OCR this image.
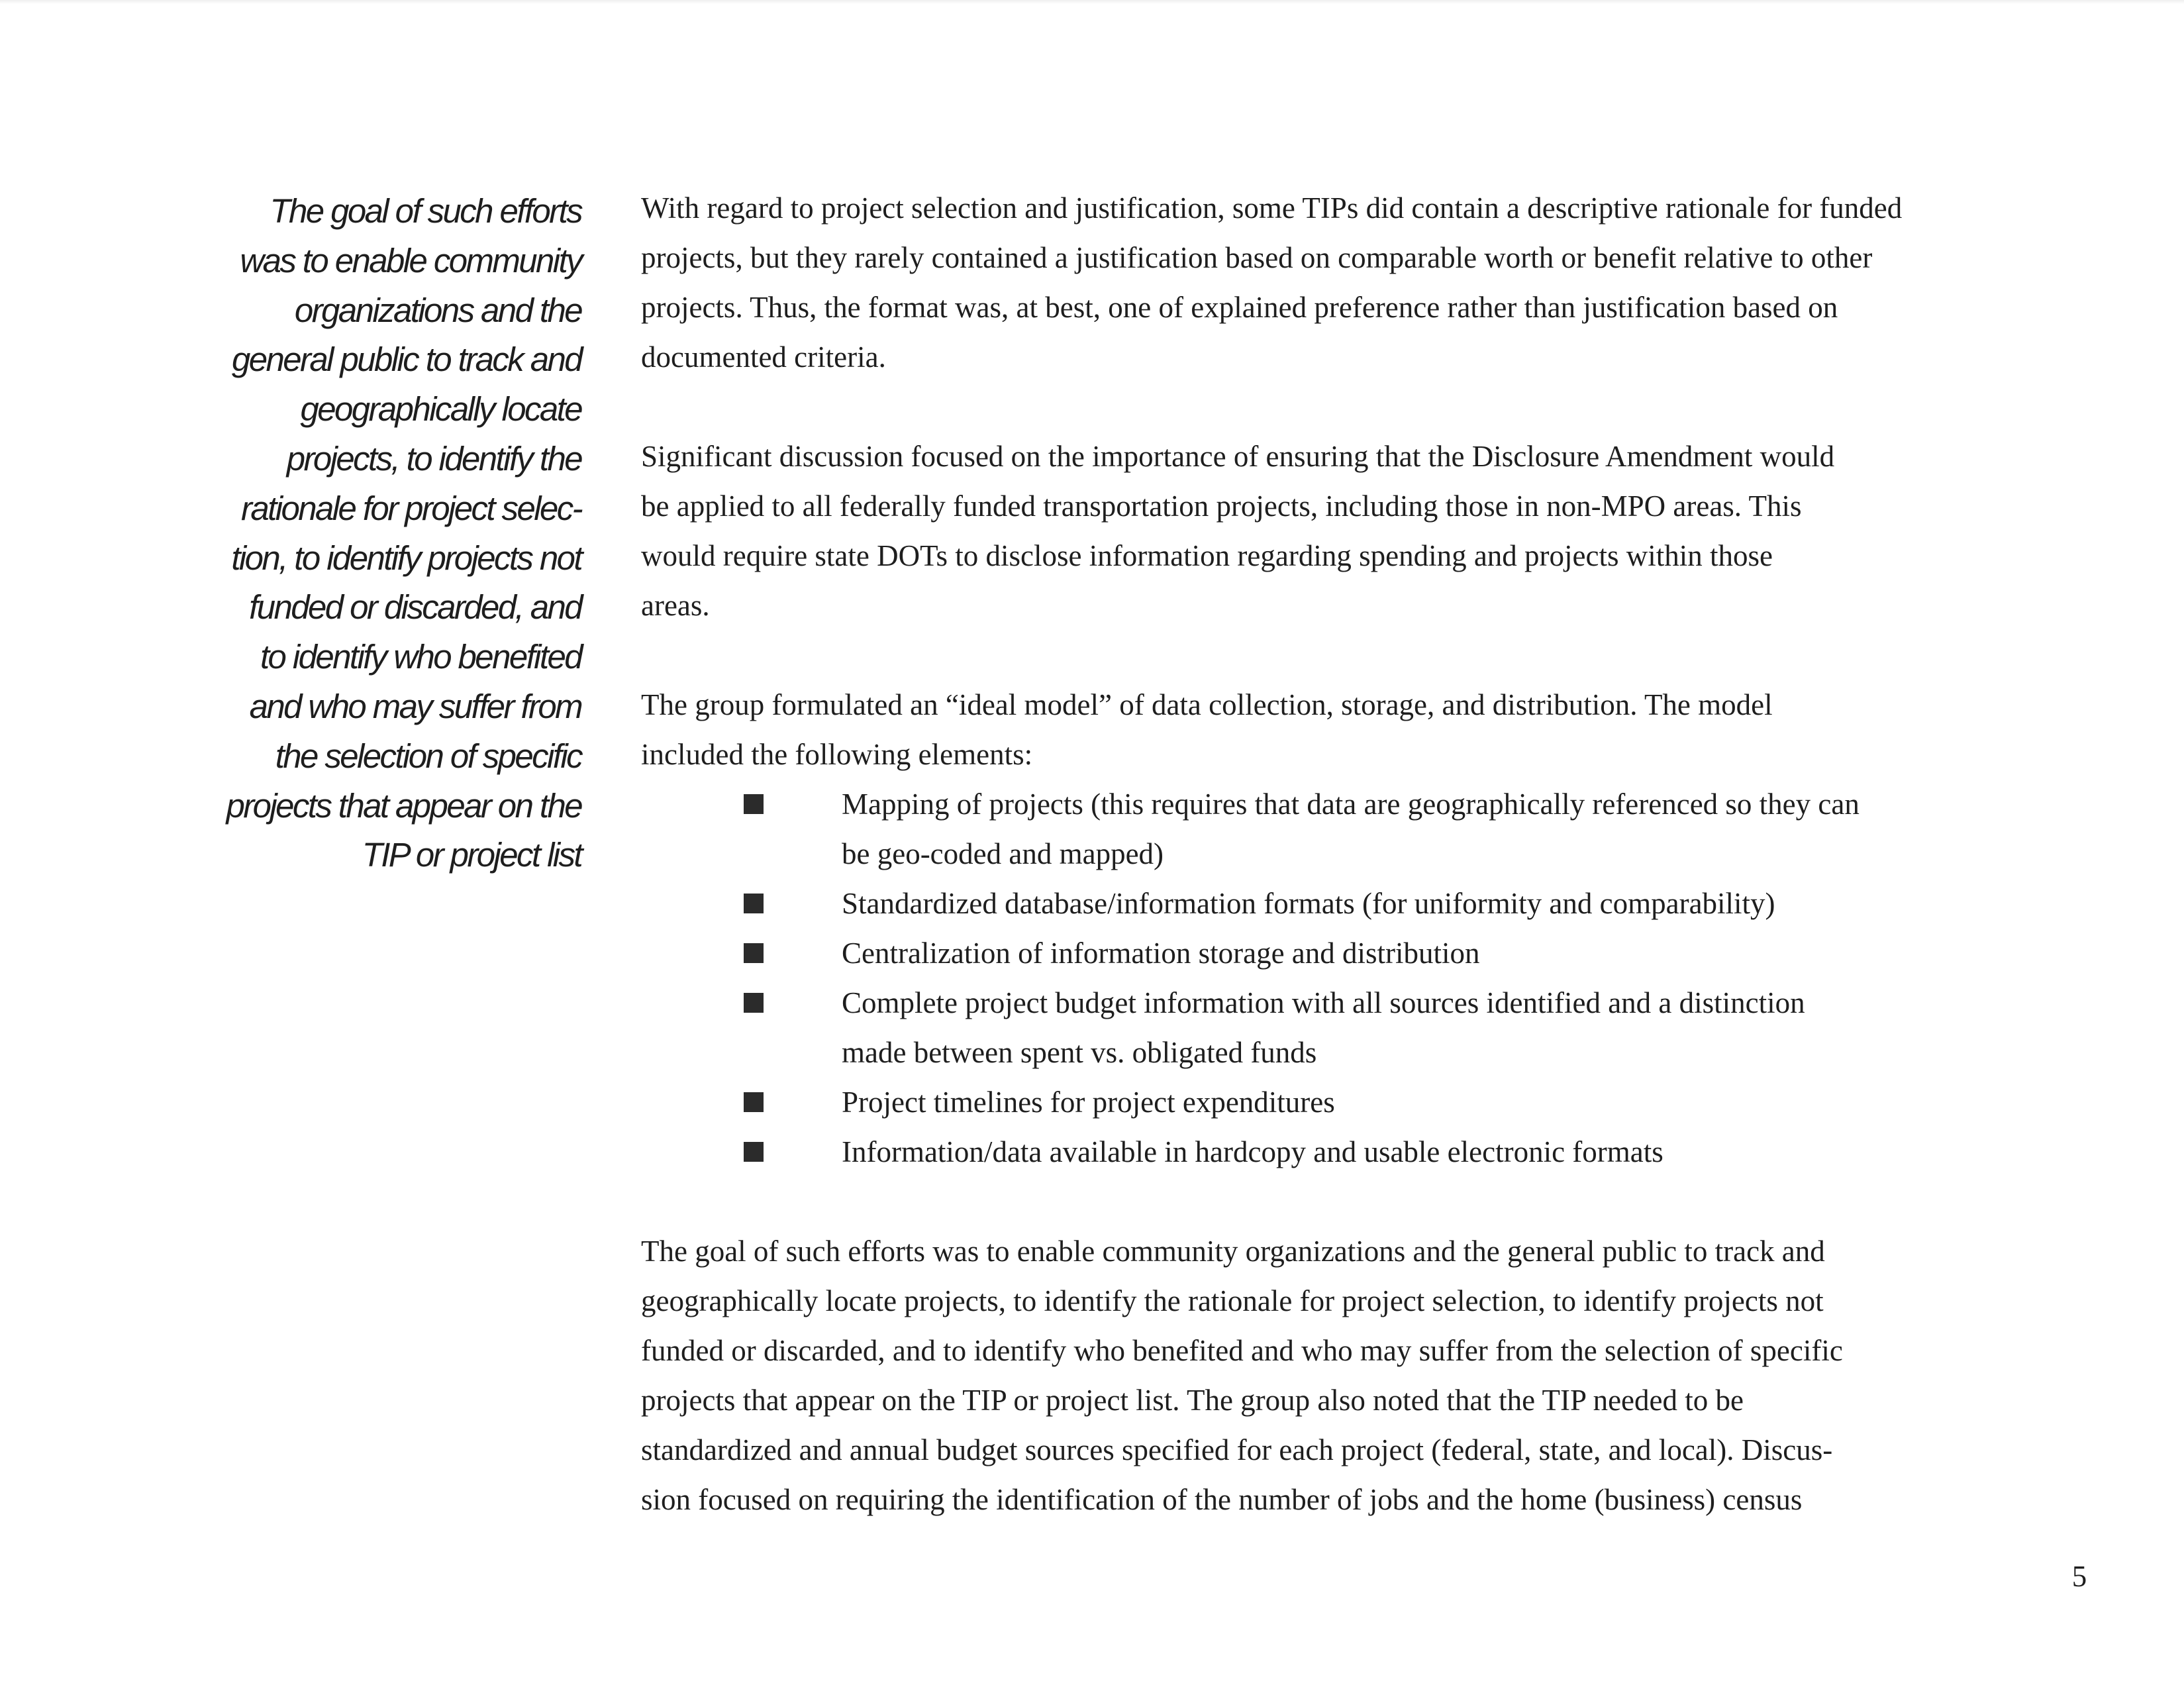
The goal of such efforts
was to enable community
organizations and the
general public to track and
geographically locate
projects, to identify the
rationale for project selec-
tion, to identify projects not
funded or discarded, and
to identify who benefited
and who may suffer from
the selection of specific
projects that appear on the
TIP or project list
With regard to project selection and justification, some TIPs did contain a descriptive rationale for funded
projects, but they rarely contained a justification based on comparable worth or benefit relative to other
projects. Thus, the format was, at best, one of explained preference rather than justification based on
documented criteria.
Significant discussion focused on the importance of ensuring that the Disclosure Amendment would
be applied to all federally funded transportation projects, including those in non-MPO areas. This
would require state DOTs to disclose information regarding spending and projects within those
areas.
The group formulated an “ideal model” of data collection, storage, and distribution. The model
included the following elements:
Mapping of projects (this requires that data are geographically referenced so they can
be geo-coded and mapped)
Standardized database/information formats (for uniformity and comparability)
Centralization of information storage and distribution
Complete project budget information with all sources identified and a distinction
made between spent vs. obligated funds
Project timelines for project expenditures
Information/data available in hardcopy and usable electronic formats
The goal of such efforts was to enable community organizations and the general public to track and
geographically locate projects, to identify the rationale for project selection, to identify projects not
funded or discarded, and to identify who benefited and who may suffer from the selection of specific
projects that appear on the TIP or project list. The group also noted that the TIP needed to be
standardized and annual budget sources specified for each project (federal, state, and local). Discus-
sion focused on requiring the identification of the number of jobs and the home (business) census
5
